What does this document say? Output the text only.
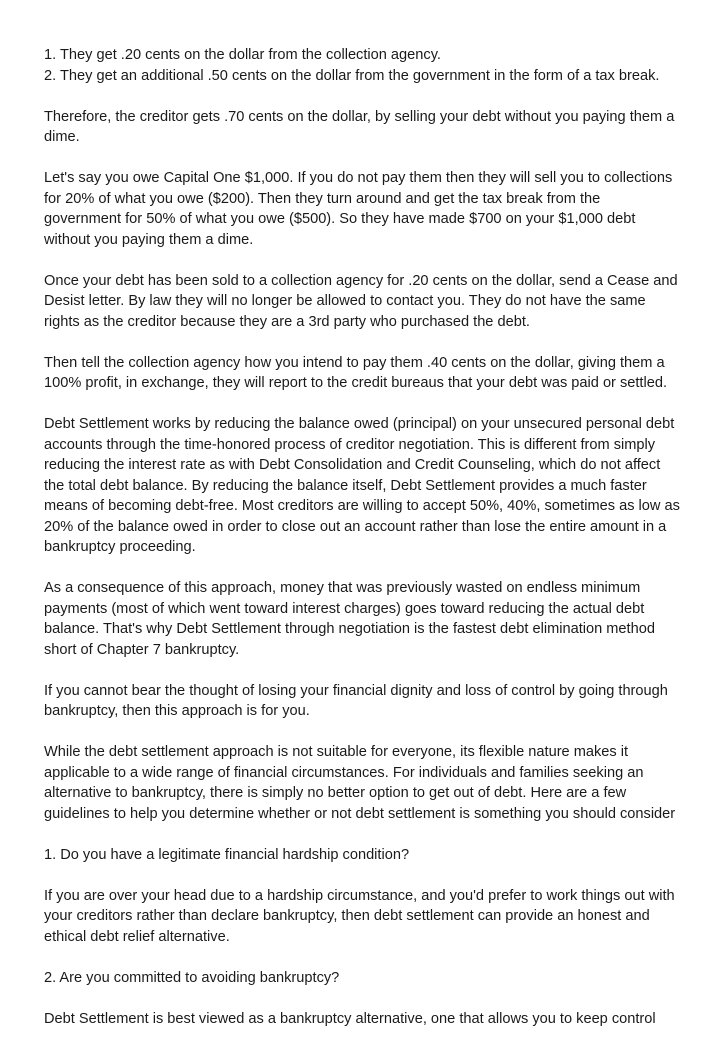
1. They get .20 cents on the dollar from the collection agency.
2. They get an additional .50 cents on the dollar from the government in the form of a tax break.

Therefore, the creditor gets .70 cents on the dollar, by selling your debt without you paying them a
dime.

Let's say you owe Capital One $1,000. If you do not pay them then they will sell you to collections
for 20% of what you owe ($200). Then they turn around and get the tax break from the
government for 50% of what you owe ($500). So they have made $700 on your $1,000 debt
without you paying them a dime.

Once your debt has been sold to a collection agency for .20 cents on the dollar, send a Cease and
Desist letter. By law they will no longer be allowed to contact you. They do not have the same
rights as the creditor because they are a 3rd party who purchased the debt.

Then tell the collection agency how you intend to pay them .40 cents on the dollar, giving them a
100% profit, in exchange, they will report to the credit bureaus that your debt was paid or settled.

Debt Settlement works by reducing the balance owed (principal) on your unsecured personal debt
accounts through the time-honored process of creditor negotiation. This is different from simply
reducing the interest rate as with Debt Consolidation and Credit Counseling, which do not affect
the total debt balance. By reducing the balance itself, Debt Settlement provides a much faster
means of becoming debt-free. Most creditors are willing to accept 50%, 40%, sometimes as low as
20% of the balance owed in order to close out an account rather than lose the entire amount in a
bankruptcy proceeding.

As a consequence of this approach, money that was previously wasted on endless minimum
payments (most of which went toward interest charges) goes toward reducing the actual debt
balance. That's why Debt Settlement through negotiation is the fastest debt elimination method
short of Chapter 7 bankruptcy.

If you cannot bear the thought of losing your financial dignity and loss of control by going through
bankruptcy, then this approach is for you.

While the debt settlement approach is not suitable for everyone, its flexible nature makes it
applicable to a wide range of financial circumstances. For individuals and families seeking an
alternative to bankruptcy, there is simply no better option to get out of debt. Here are a few
guidelines to help you determine whether or not debt settlement is something you should consider

1. Do you have a legitimate financial hardship condition?

If you are over your head due to a hardship circumstance, and you'd prefer to work things out with
your creditors rather than declare bankruptcy, then debt settlement can provide an honest and
ethical debt relief alternative.

2. Are you committed to avoiding bankruptcy?

Debt Settlement is best viewed as a bankruptcy alternative, one that allows you to keep control
